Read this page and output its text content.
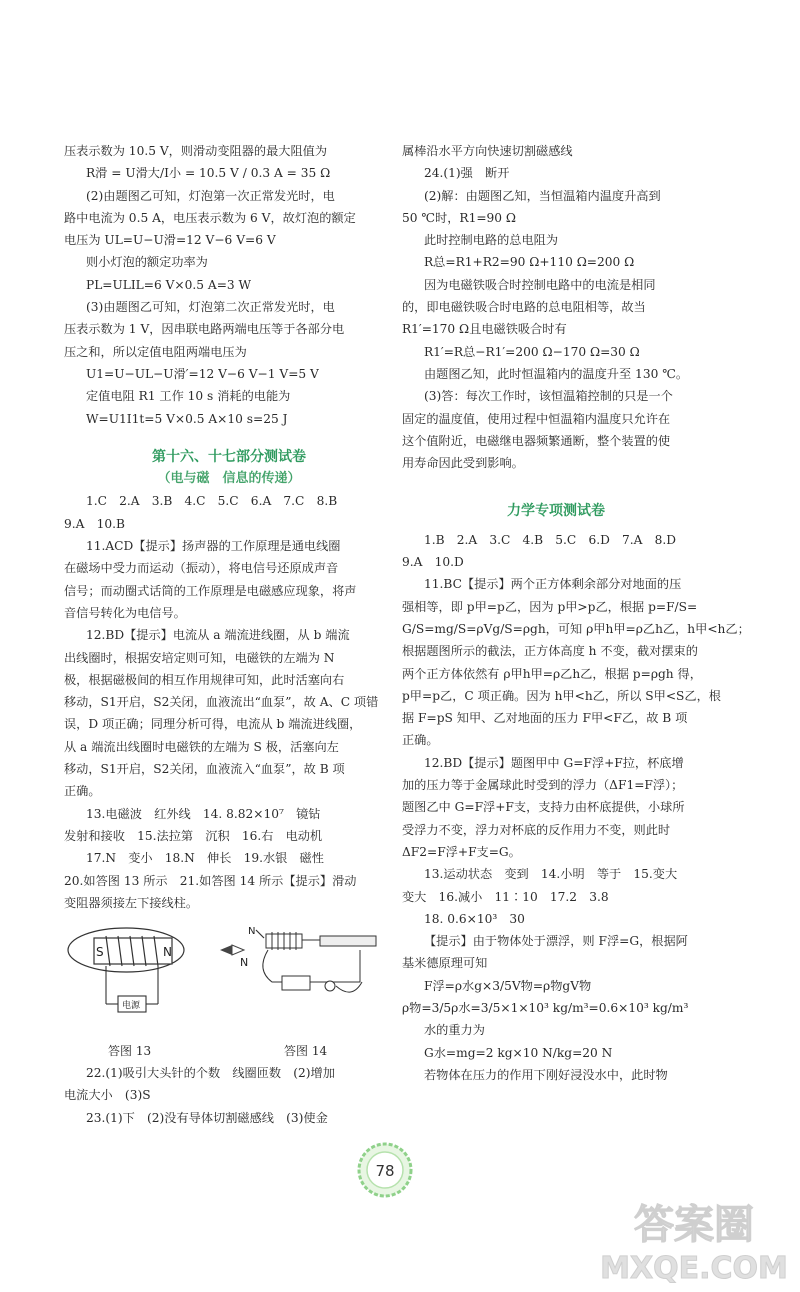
压表示数为 10.5 V，则滑动变阻器的最大阻值为
R滑 = U滑大/I小 = 10.5 V / 0.3 A = 35 Ω
(2)由题图乙可知，灯泡第一次正常发光时，电
路中电流为 0.5 A，电压表示数为 6 V，故灯泡的额定
电压为 UL=U−U滑=12 V−6 V=6 V
则小灯泡的额定功率为
PL=ULIL=6 V×0.5 A=3 W
(3)由题图乙可知，灯泡第二次正常发光时，电
压表示数为 1 V，因串联电路两端电压等于各部分电
压之和，所以定值电阻两端电压为
U1=U−UL−U滑′=12 V−6 V−1 V=5 V
定值电阻 R1 工作 10 s 消耗的电能为
W=U1I1t=5 V×0.5 A×10 s=25 J
第十六、十七部分测试卷
（电与磁　信息的传递）
1.C　2.A　3.B　4.C　5.C　6.A　7.C　8.B
9.A　10.B
11.ACD【提示】扬声器的工作原理是通电线圈
在磁场中受力而运动（振动），将电信号还原成声音
信号；而动圈式话筒的工作原理是电磁感应现象，将声
音信号转化为电信号。
12.BD【提示】电流从 a 端流进线圈，从 b 端流
出线圈时，根据安培定则可知，电磁铁的左端为 N
极，根据磁极间的相互作用规律可知，此时活塞向右
移动，S1开启，S2关闭，血液流出“血泵”，故 A、C 项错
误，D 项正确；同理分析可得，电流从 b 端流进线圈，
从 a 端流出线圈时电磁铁的左端为 S 极，活塞向左
移动，S1开启，S2关闭，血液流入“血泵”，故 B 项
正确。
13.电磁波　红外线　14. 8.82×10⁷　镜钻
发射和接收　15.法拉第　沉积　16.右　电动机
17.N　变小　18.N　伸长　19.水银　磁性
20.如答图 13 所示　21.如答图 14 所示【提示】滑动
变阻器须接左下接线柱。
S	N
电源
N
答图 13
N
答图 14
22.(1)吸引大头针的个数　线圈匝数　(2)增加
电流大小　(3)S
23.(1)下　(2)没有导体切割磁感线　(3)使金
属棒沿水平方向快速切割磁感线
24.(1)强　断开
(2)解：由题图乙知，当恒温箱内温度升高到
50 ℃时，R1=90 Ω
此时控制电路的总电阻为
R总=R1+R2=90 Ω+110 Ω=200 Ω
因为电磁铁吸合时控制电路中的电流是相同
的，即电磁铁吸合时电路的总电阻相等，故当
R1′=170 Ω且电磁铁吸合时有
R1′=R总−R1′=200 Ω−170 Ω=30 Ω
由题图乙知，此时恒温箱内的温度升至 130 ℃。
(3)答：每次工作时，该恒温箱控制的只是一个
固定的温度值，使用过程中恒温箱内温度只允许在
这个值附近，电磁继电器频繁通断，整个装置的使
用寿命因此受到影响。
力学专项测试卷
1.B　2.A　3.C　4.B　5.C　6.D　7.A　8.D
9.A　10.D
11.BC【提示】两个正方体剩余部分对地面的压
强相等，即 p甲=p乙，因为 p甲>p乙，根据 p=F/S=
G/S=mg/S=ρVg/S=ρgh，可知 ρ甲h甲=ρ乙h乙，h甲<h乙；
根据题图所示的截法，正方体高度 h 不变，截对摆束的
两个正方体依然有 ρ甲h甲=ρ乙h乙，根据 p=ρgh 得，
p甲=p乙，C 项正确。因为 h甲<h乙，所以 S甲<S乙，根
据 F=pS 知甲、乙对地面的压力 F甲<F乙，故 B 项
正确。
12.BD【提示】题图甲中 G=F浮+F拉，杯底增
加的压力等于金属球此时受到的浮力（ΔF1=F浮）；
题图乙中 G=F浮+F支，支持力由杯底提供，小球所
受浮力不变，浮力对杯底的反作用力不变，则此时
ΔF2=F浮+F支=G。
13.运动状态　变到　14.小明　等于　15.变大
变大　16.减小　11∶10　17.2　3.8
18. 0.6×10³　30
【提示】由于物体处于漂浮，则 F浮=G，根据阿
基米德原理可知
F浮=ρ水g×3/5V物=ρ物gV物
ρ物=3/5ρ水=3/5×1×10³ kg/m³=0.6×10³ kg/m³
水的重力为
G水=mg=2 kg×10 N/kg=20 N
若物体在压力的作用下刚好浸没水中，此时物
78
答案圈
MXQE.COM
